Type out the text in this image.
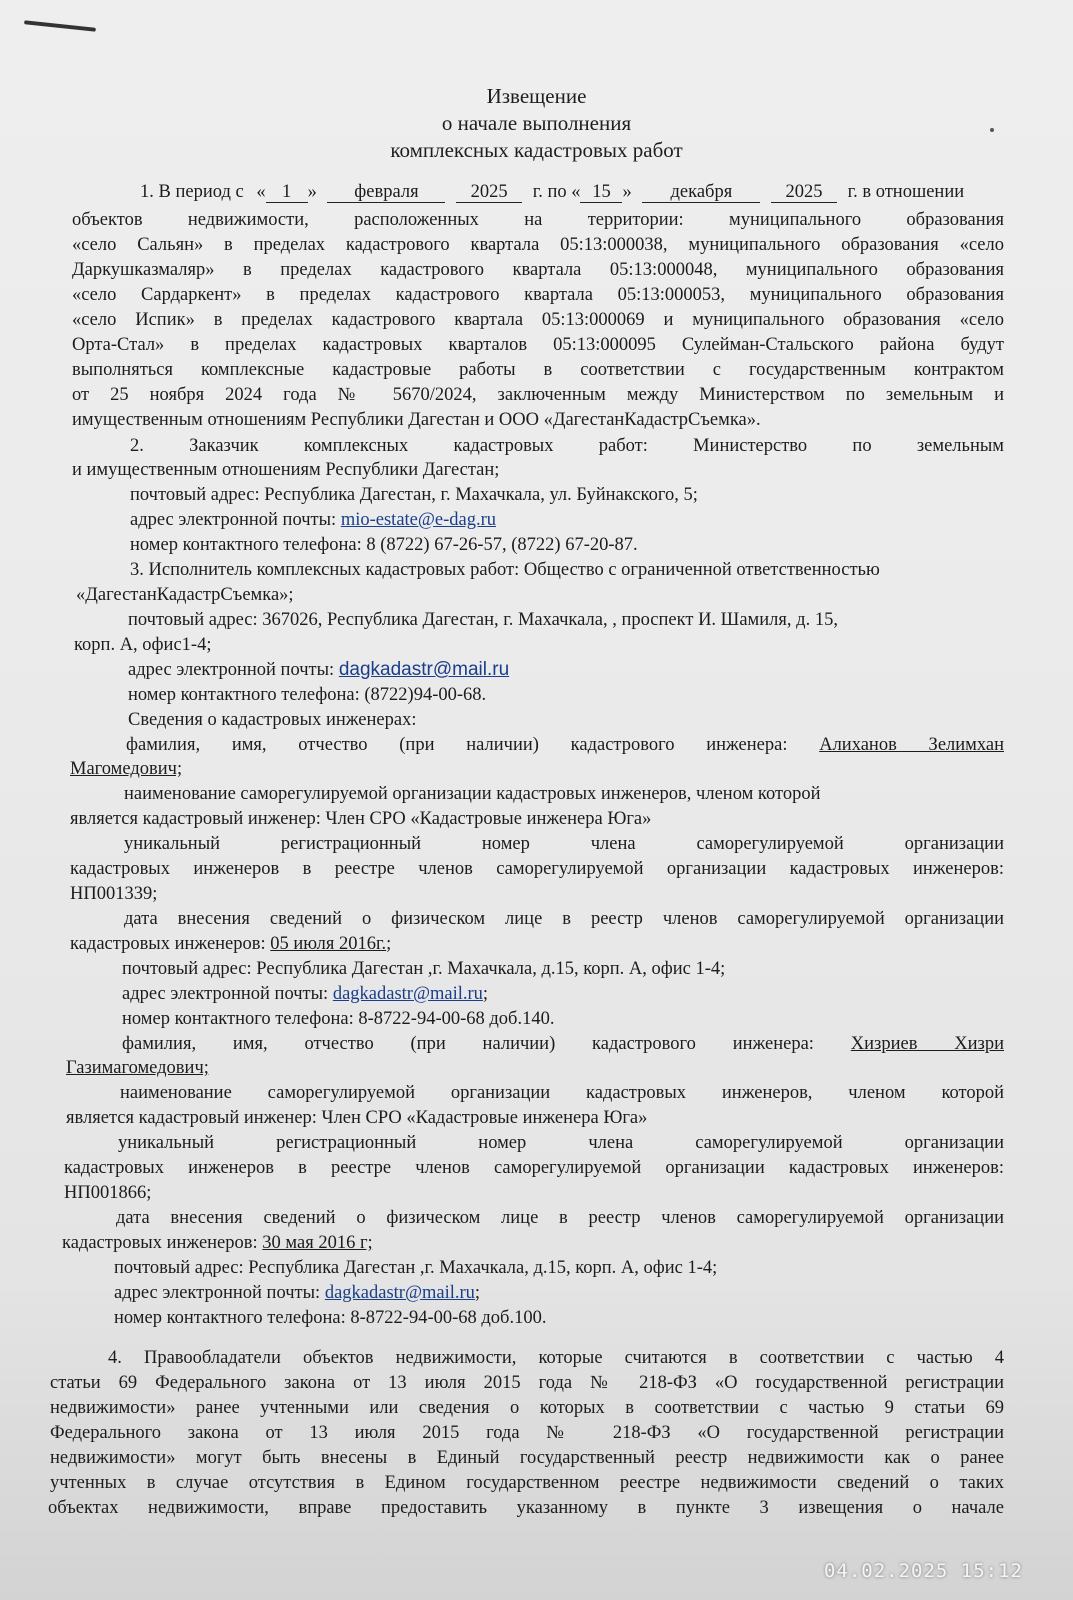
Извещение
о начале выполнения
комплексных кадастровых работ
1. В период с « 1 » февраля	2025 г. по « 15 » декабря	2025 г. в отношении
объектов недвижимости, расположенных на территории: муниципального образования
«село Сальян» в пределах кадастрового квартала 05:13:000038, муниципального образования «село
Даркушказмаляр» в пределах кадастрового квартала 05:13:000048, муниципального образования
«село Сардаркент» в пределах кадастрового квартала 05:13:000053, муниципального образования
«село Испик» в пределах кадастрового квартала 05:13:000069 и муниципального образования «село
Орта-Стал» в пределах кадастровых кварталов 05:13:000095 Сулейман-Стальского района будут
выполняться комплексные кадастровые работы в соответствии с государственным контрактом
от 25 ноября 2024 года № 5670/2024, заключенным между Министерством по земельным и
имущественным отношениям Республики Дагестан и ООО «ДагестанКадастрСъемка».
2. Заказчик комплексных кадастровых работ: Министерство по земельным
и имущественным отношениям Республики Дагестан;
почтовый адрес: Республика Дагестан, г. Махачкала, ул. Буйнакского, 5;
адрес электронной почты: mio-estate@e-dag.ru
номер контактного телефона: 8 (8722) 67-26-57, (8722) 67-20-87.
3. Исполнитель комплексных кадастровых работ: Общество с ограниченной ответственностью
«ДагестанКадастрСъемка»;
почтовый адрес: 367026, Республика Дагестан, г. Махачкала, , проспект И. Шамиля, д. 15,
корп. А, офис1-4;
адрес электронной почты: dagkadastr@mail.ru
номер контактного телефона: (8722)94-00-68.
Сведения о кадастровых инженерах:
фамилия, имя, отчество (при наличии) кадастрового инженера: Алиханов Зелимхан
Магомедович;
наименование саморегулируемой организации кадастровых инженеров, членом которой
является кадастровый инженер: Член СРО «Кадастровые инженера Юга»
уникальный регистрационный номер члена саморегулируемой организации
кадастровых инженеров в реестре членов саморегулируемой организации кадастровых инженеров:
НП001339;
дата внесения сведений о физическом лице в реестр членов саморегулируемой организации
кадастровых инженеров: 05 июля 2016г.;
почтовый адрес: Республика Дагестан ,г. Махачкала, д.15, корп. А, офис 1-4;
адрес электронной почты: dagkadastr@mail.ru;
номер контактного телефона: 8-8722-94-00-68 доб.140.
фамилия, имя, отчество (при наличии) кадастрового инженера: Хизриев Хизри
Газимагомедович;
наименование саморегулируемой организации кадастровых инженеров, членом которой
является кадастровый инженер: Член СРО «Кадастровые инженера Юга»
уникальный регистрационный номер члена саморегулируемой организации
кадастровых инженеров в реестре членов саморегулируемой организации кадастровых инженеров:
НП001866;
дата внесения сведений о физическом лице в реестр членов саморегулируемой организации
кадастровых инженеров: 30 мая 2016 г;
почтовый адрес: Республика Дагестан ,г. Махачкала, д.15, корп. А, офис 1-4;
адрес электронной почты: dagkadastr@mail.ru;
номер контактного телефона: 8-8722-94-00-68 доб.100.
4. Правообладатели объектов недвижимости, которые считаются в соответствии с частью 4
статьи 69 Федерального закона от 13 июля 2015 года № 218-ФЗ «О государственной регистрации
недвижимости» ранее учтенными или сведения о которых в соответствии с частью 9 статьи 69
Федерального закона от 13 июля 2015 года № 218-ФЗ «О государственной регистрации
недвижимости» могут быть внесены в Единый государственный реестр недвижимости как о ранее
учтенных в случае отсутствия в Едином государственном реестре недвижимости сведений о таких
объектах недвижимости, вправе предоставить указанному в пункте 3 извещения о начале
04.02.2025 15:12
